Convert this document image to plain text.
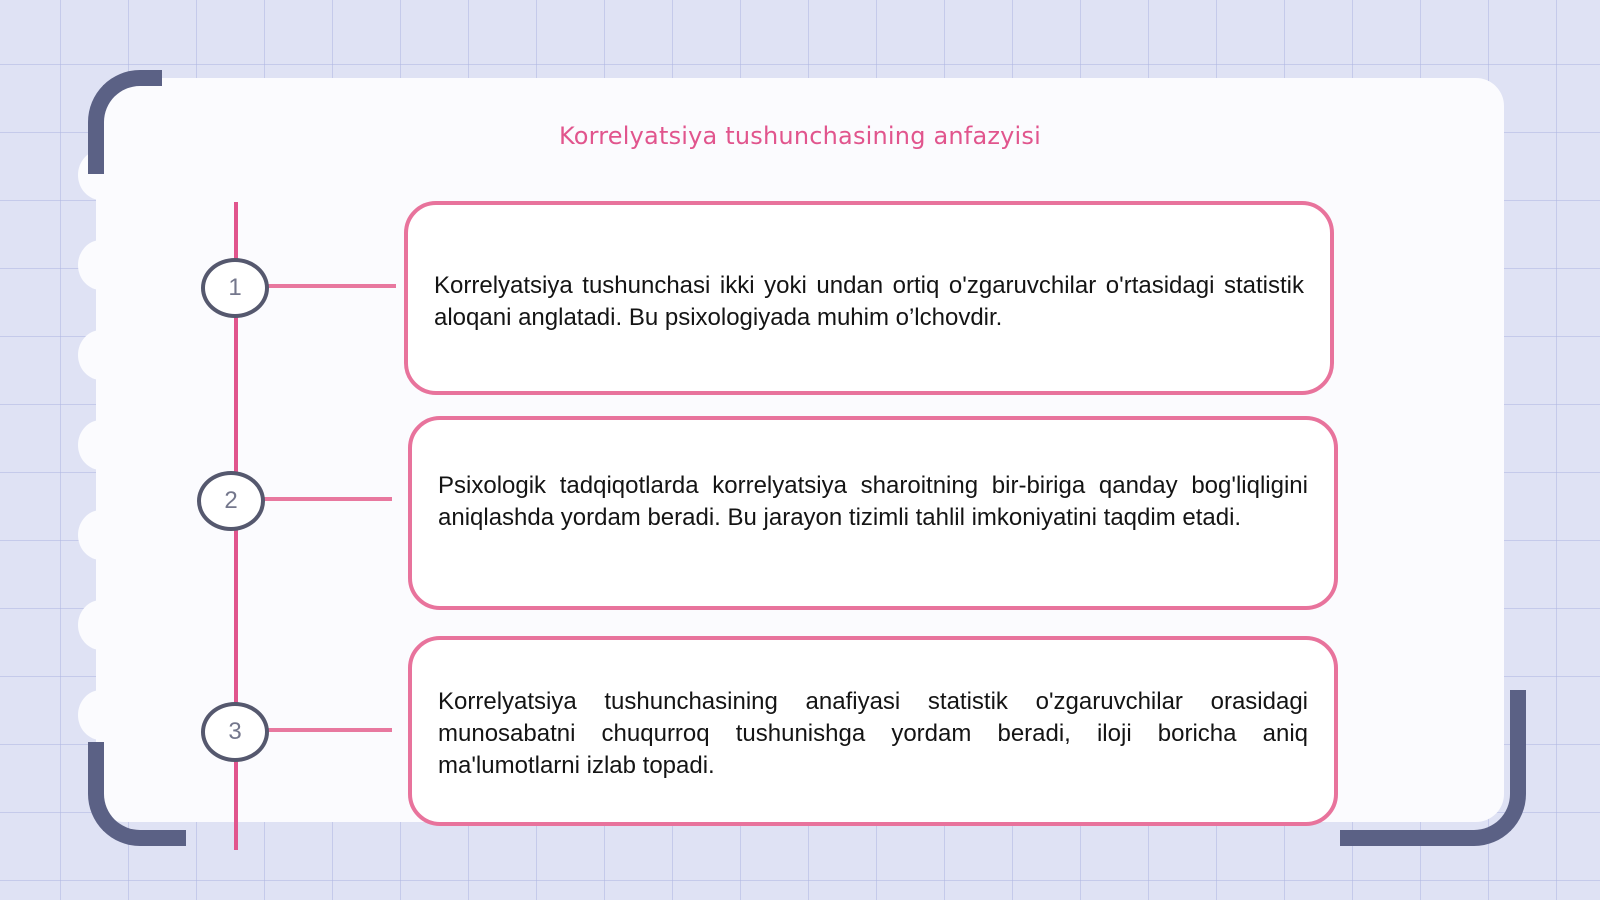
Korrelyatsiya tushunchasining anfazyisi
1	Korrelyatsiya tushunchasi ikki yoki undan ortiq o'zgaruvchilar o'rtasidagi statistik aloqani anglatadi. Bu psixologiyada muhim o’lchovdir.
2
Psixologik tadqiqotlarda korrelyatsiya sharoitning bir-biriga qanday bog'liqligini aniqlashda yordam beradi. Bu jarayon tizimli tahlil imkoniyatini taqdim etadi.
3
Korrelyatsiya tushunchasining anafiyasi statistik o'zgaruvchilar orasidagi munosabatni chuqurroq tushunishga yordam beradi, iloji boricha aniq ma'lumotlarni izlab topadi.
